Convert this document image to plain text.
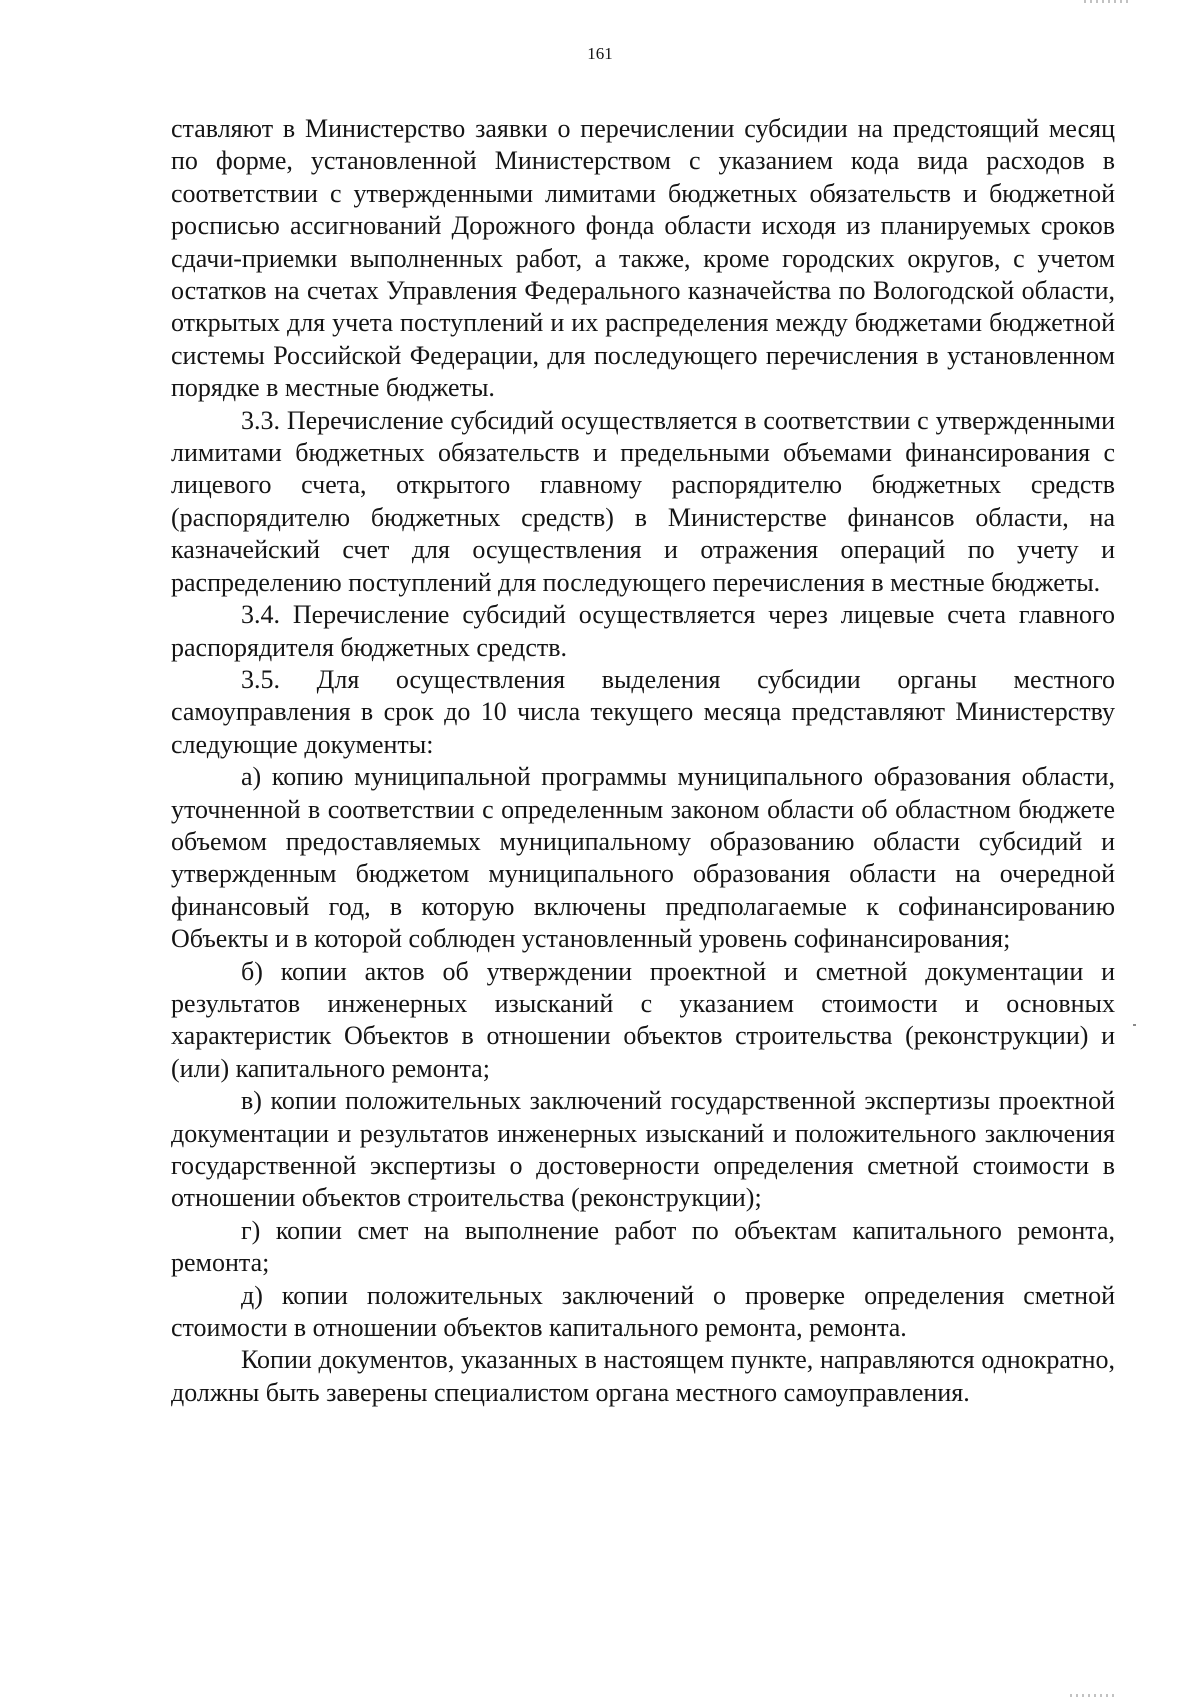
161

ставляют в Министерство заявки о перечислении субсидии на предстоящий месяц по форме, установленной Министерством с указанием кода вида расходов в соответствии с утвержденными лимитами бюджетных обязательств и бюджетной росписью ассигнований Дорожного фонда области исходя из планируемых сроков сдачи-приемки выполненных работ, а также, кроме городских округов, с учетом остатков на счетах Управления Федерального казначейства по Вологодской области, открытых для учета поступлений и их распределения между бюджетами бюджетной системы Российской Федерации, для последующего перечисления в установленном порядке в местные бюджеты.

3.3. Перечисление субсидий осуществляется в соответствии с утвержденными лимитами бюджетных обязательств и предельными объемами финансирования с лицевого счета, открытого главному распорядителю бюджетных средств (распорядителю бюджетных средств) в Министерстве финансов области, на казначейский счет для осуществления и отражения операций по учету и распределению поступлений для последующего перечисления в местные бюджеты.

3.4. Перечисление субсидий осуществляется через лицевые счета главного распорядителя бюджетных средств.

3.5. Для осуществления выделения субсидии органы местного самоуправления в срок до 10 числа текущего месяца представляют Министерству следующие документы:

а) копию муниципальной программы муниципального образования области, уточненной в соответствии с определенным законом области об областном бюджете объемом предоставляемых муниципальному образованию области субсидий и утвержденным бюджетом муниципального образования области на очередной финансовый год, в которую включены предполагаемые к софинансированию Объекты и в которой соблюден установленный уровень софинансирования;

б) копии актов об утверждении проектной и сметной документации и результатов инженерных изысканий с указанием стоимости и основных характеристик Объектов в отношении объектов строительства (реконструкции) и (или) капитального ремонта;

в) копии положительных заключений государственной экспертизы проектной документации и результатов инженерных изысканий и положительного заключения государственной экспертизы о достоверности определения сметной стоимости в отношении объектов строительства (реконструкции);

г) копии смет на выполнение работ по объектам капитального ремонта, ремонта;

д) копии положительных заключений о проверке определения сметной стоимости в отношении объектов капитального ремонта, ремонта.

Копии документов, указанных в настоящем пункте, направляются однократно, должны быть заверены специалистом органа местного самоуправления.
